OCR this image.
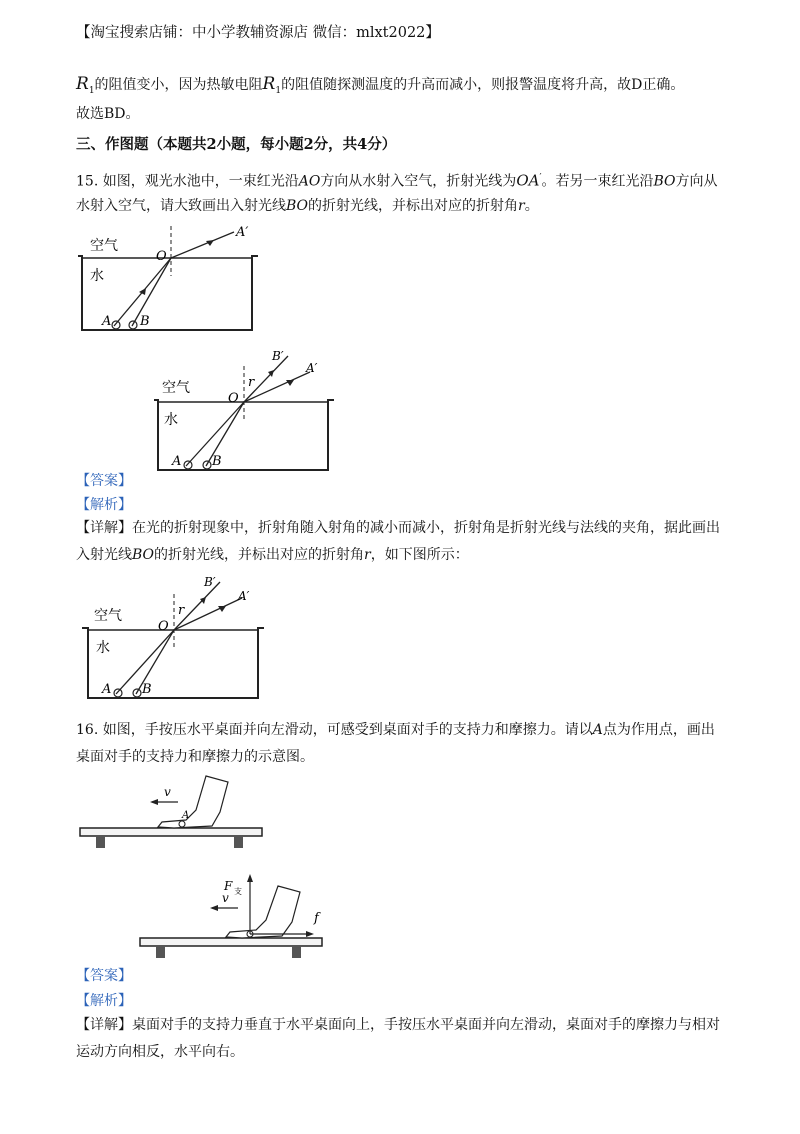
【淘宝搜索店铺：中小学教辅资源店 微信：mlxt2022】
$R_1$的阻值变小，因为热敏电阻$R_1$的阻值随探测温度的升高而减小，则报警温度将升高，故D正确。
故选BD。
三、作图题（本题共2小题，每小题2分，共4分）
15. 如图，观光水池中，一束红光沿AO方向从水射入空气，折射光线为OA′。若另一束红光沿BO方向从
水射入空气，请大致画出入射光线BO的折射光线，并标出对应的折射角r。
空气
水
O
A′
A B
空气
水
O
r
B′
A′
A B
【答案】
【解析】
【详解】在光的折射现象中，折射角随入射角的减小而减小，折射角是折射光线与法线的夹角，据此画出
入射光线BO的折射光线，并标出对应的折射角r，如下图所示：
空气
水
O
r
B′
A′
A B
16. 如图，手按压水平桌面并向左滑动，可感受到桌面对手的支持力和摩擦力。请以A点为作用点，画出
桌面对手的支持力和摩擦力的示意图。
v
A
v
F 支
f
【答案】
【解析】
【详解】桌面对手的支持力垂直于水平桌面向上，手按压水平桌面并向左滑动，桌面对手的摩擦力与相对
运动方向相反，水平向右。
